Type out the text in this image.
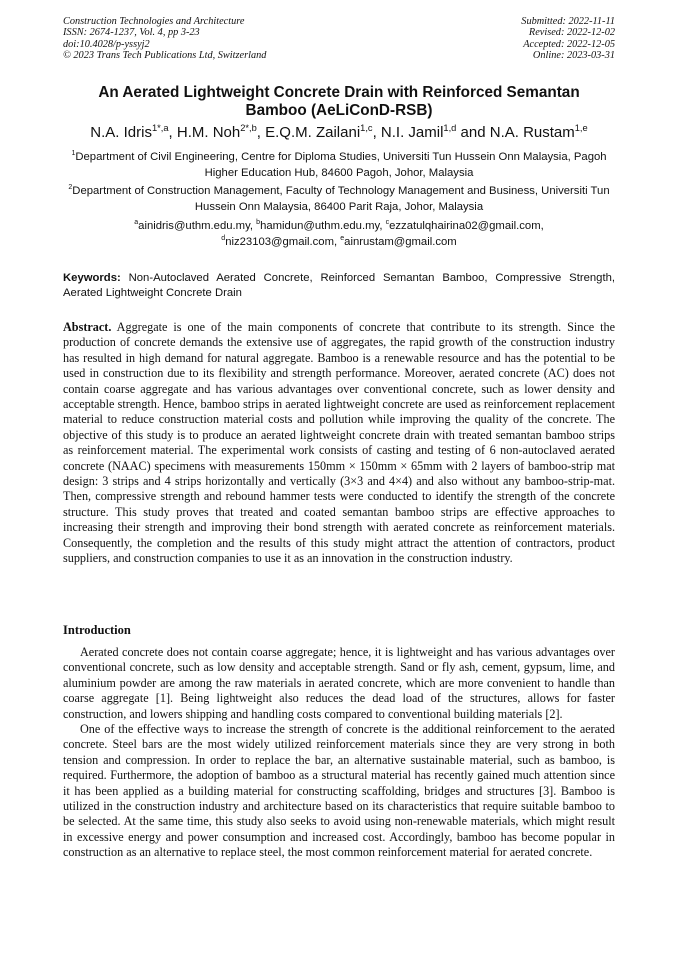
Construction Technologies and Architecture
ISSN: 2674-1237, Vol. 4, pp 3-23
doi:10.4028/p-yssyj2
© 2023 Trans Tech Publications Ltd, Switzerland
Submitted: 2022-11-11
Revised: 2022-12-02
Accepted: 2022-12-05
Online: 2023-03-31
An Aerated Lightweight Concrete Drain with Reinforced Semantan
Bamboo (AeLiConD-RSB)
N.A. Idris$^{1*,a}$, H.M. Noh$^{2*,b}$, E.Q.M. Zailani$^{1,c}$, N.I. Jamil$^{1,d}$ and N.A. Rustam$^{1,e}$
$^1$Department of Civil Engineering, Centre for Diploma Studies, Universiti Tun Hussein Onn Malaysia, Pagoh Higher Education Hub, 84600 Pagoh, Johor, Malaysia
$^2$Department of Construction Management, Faculty of Technology Management and Business, Universiti Tun Hussein Onn Malaysia, 86400 Parit Raja, Johor, Malaysia
$^a$ainidris@uthm.edu.my, $^b$hamidun@uthm.edu.my, $^c$ezzatulqhairina02@gmail.com,
$^d$niz23103@gmail.com, $^e$ainrustam@gmail.com
Keywords: Non-Autoclaved Aerated Concrete, Reinforced Semantan Bamboo, Compressive Strength, Aerated Lightweight Concrete Drain
Abstract. Aggregate is one of the main components of concrete that contribute to its strength. Since the production of concrete demands the extensive use of aggregates, the rapid growth of the construction industry has resulted in high demand for natural aggregate. Bamboo is a renewable resource and has the potential to be used in construction due to its flexibility and strength performance. Moreover, aerated concrete (AC) does not contain coarse aggregate and has various advantages over conventional concrete, such as lower density and acceptable strength. Hence, bamboo strips in aerated lightweight concrete are used as reinforcement replacement material to reduce construction material costs and pollution while improving the quality of the concrete. The objective of this study is to produce an aerated lightweight concrete drain with treated semantan bamboo strips as reinforcement material. The experimental work consists of casting and testing of 6 non-autoclaved aerated concrete (NAAC) specimens with measurements 150mm × 150mm × 65mm with 2 layers of bamboo-strip mat design: 3 strips and 4 strips horizontally and vertically (3×3 and 4×4) and also without any bamboo-strip-mat. Then, compressive strength and rebound hammer tests were conducted to identify the strength of the concrete structure. This study proves that treated and coated semantan bamboo strips are effective approaches to increasing their strength and improving their bond strength with aerated concrete as reinforcement materials. Consequently, the completion and the results of this study might attract the attention of contractors, product suppliers, and construction companies to use it as an innovation in the construction industry.
Introduction

Aerated concrete does not contain coarse aggregate; hence, it is lightweight and has various advantages over conventional concrete, such as low density and acceptable strength. Sand or fly ash, cement, gypsum, lime, and aluminium powder are among the raw materials in aerated concrete, which are more convenient to handle than coarse aggregate [1]. Being lightweight also reduces the dead load of the structures, allows for faster construction, and lowers shipping and handling costs compared to conventional building materials [2].

One of the effective ways to increase the strength of concrete is the additional reinforcement to the aerated concrete. Steel bars are the most widely utilized reinforcement materials since they are very strong in both tension and compression. In order to replace the bar, an alternative sustainable material, such as bamboo, is required. Furthermore, the adoption of bamboo as a structural material has recently gained much attention since it has been applied as a building material for constructing scaffolding, bridges and structures [3]. Bamboo is utilized in the construction industry and architecture based on its characteristics that require suitable bamboo to be selected. At the same time, this study also seeks to avoid using non-renewable materials, which might result in excessive energy and power consumption and increased cost. Accordingly, bamboo has become popular in construction as an alternative to replace steel, the most common reinforcement material for aerated concrete.
